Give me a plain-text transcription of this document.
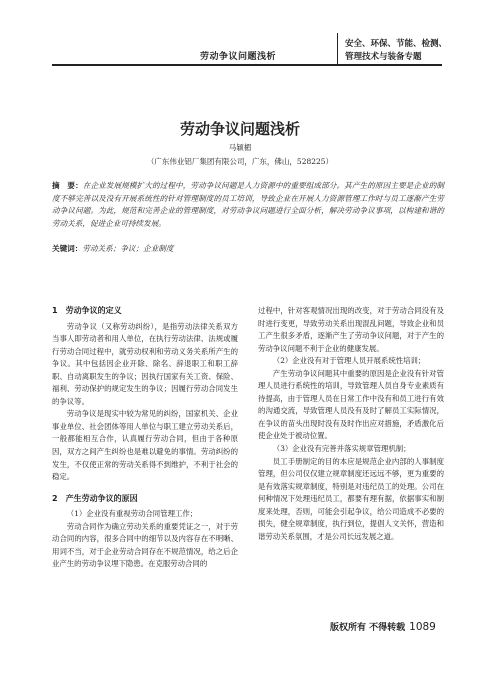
劳动争议问题浅析
安全、环保、节能、检测、
管理技术与装备专题
劳动争议问题浅析
马颖楣
（广东伟业铝厂集团有限公司，广东，佛山，528225）
摘　要：在企业发展规模扩大的过程中，劳动争议问题是人力资源中的重要组成部分。其产生的原因主要是企业的制度不够完善以及没有开展系统性的针对管理制度的员工培训，导致企业在开展人力资源管理工作时与员工逐渐产生劳动争议问题。为此，规范和完善企业的管理制度，对劳动争议问题进行全面分析，解决劳动争议事项，以构建和谐的劳动关系，促进企业可持续发展。
关键词：劳动关系；争议；企业制度
1　劳动争议的定义

劳动争议（又称劳动纠纷），是指劳动法律关系双方当事人即劳动者和用人单位，在执行劳动法律、法规或履行劳动合同过程中，就劳动权利和劳动义务关系所产生的争议。其中包括因企业开除、除名、辞退职工和职工辞职、自动离职发生的争议；因执行国家有关工资、保险、福利、劳动保护的规定发生的争议；因履行劳动合同发生的争议等。

劳动争议是现实中较为常见的纠纷，国家机关、企业事业单位、社会团体等用人单位与职工建立劳动关系后，一般都能相互合作，认真履行劳动合同，但由于各种原因，双方之间产生纠纷也是难以避免的事情。劳动纠纷的发生，不仅使正常的劳动关系得不到维护，不利于社会的稳定。

2　产生劳动争议的原因

（1）企业没有重视劳动合同管理工作；

劳动合同作为确立劳动关系的重要凭证之一，对于劳动合同的内容，很多合同中的细节以及内容存在不明晰、用词不当，对于企业劳动合同存在不规范情况，给之后企业产生的劳动争议埋下隐患。在克服劳动合同的

过程中，针对客观情况出现的改变，对于劳动合同没有及时进行变更，导致劳动关系出现混乱问题，导致企业和员工产生很多矛盾，逐渐产生了劳动争议问题，对于产生的劳动争议问题不利于企业的健康发展。

（2）企业没有对于管理人员开展系统性培训；

产生劳动争议问题其中重要的原因是企业没有针对管理人员进行系统性的培训，导致管理人员自身专业素质有待提高，由于管理人员在日常工作中没有和员工进行有效的沟通交流，导致管理人员没有及时了解员工实际情况，在争议的苗头出现时没有及时作出应对措施，矛盾激化后使企业处于被动位置。

（3）企业没有完善并落实规章管理机制；

员工手册制定的目的本应是规范企业内部的人事制度管理，但公司仅仅建立规章制度还远远不够，更为重要的是有效落实规章制度，特别是对违纪员工的处理。公司在何种情况下处理违纪员工，都要有理有据，依据事实和制度来处理，否则，可能会引起争议，给公司造成不必要的损失，健全规章制度，执行到位，提倡人文关怀，营造和谐劳动关系氛围，才是公司长远发展之道。

版权所有 不得转载 1089
